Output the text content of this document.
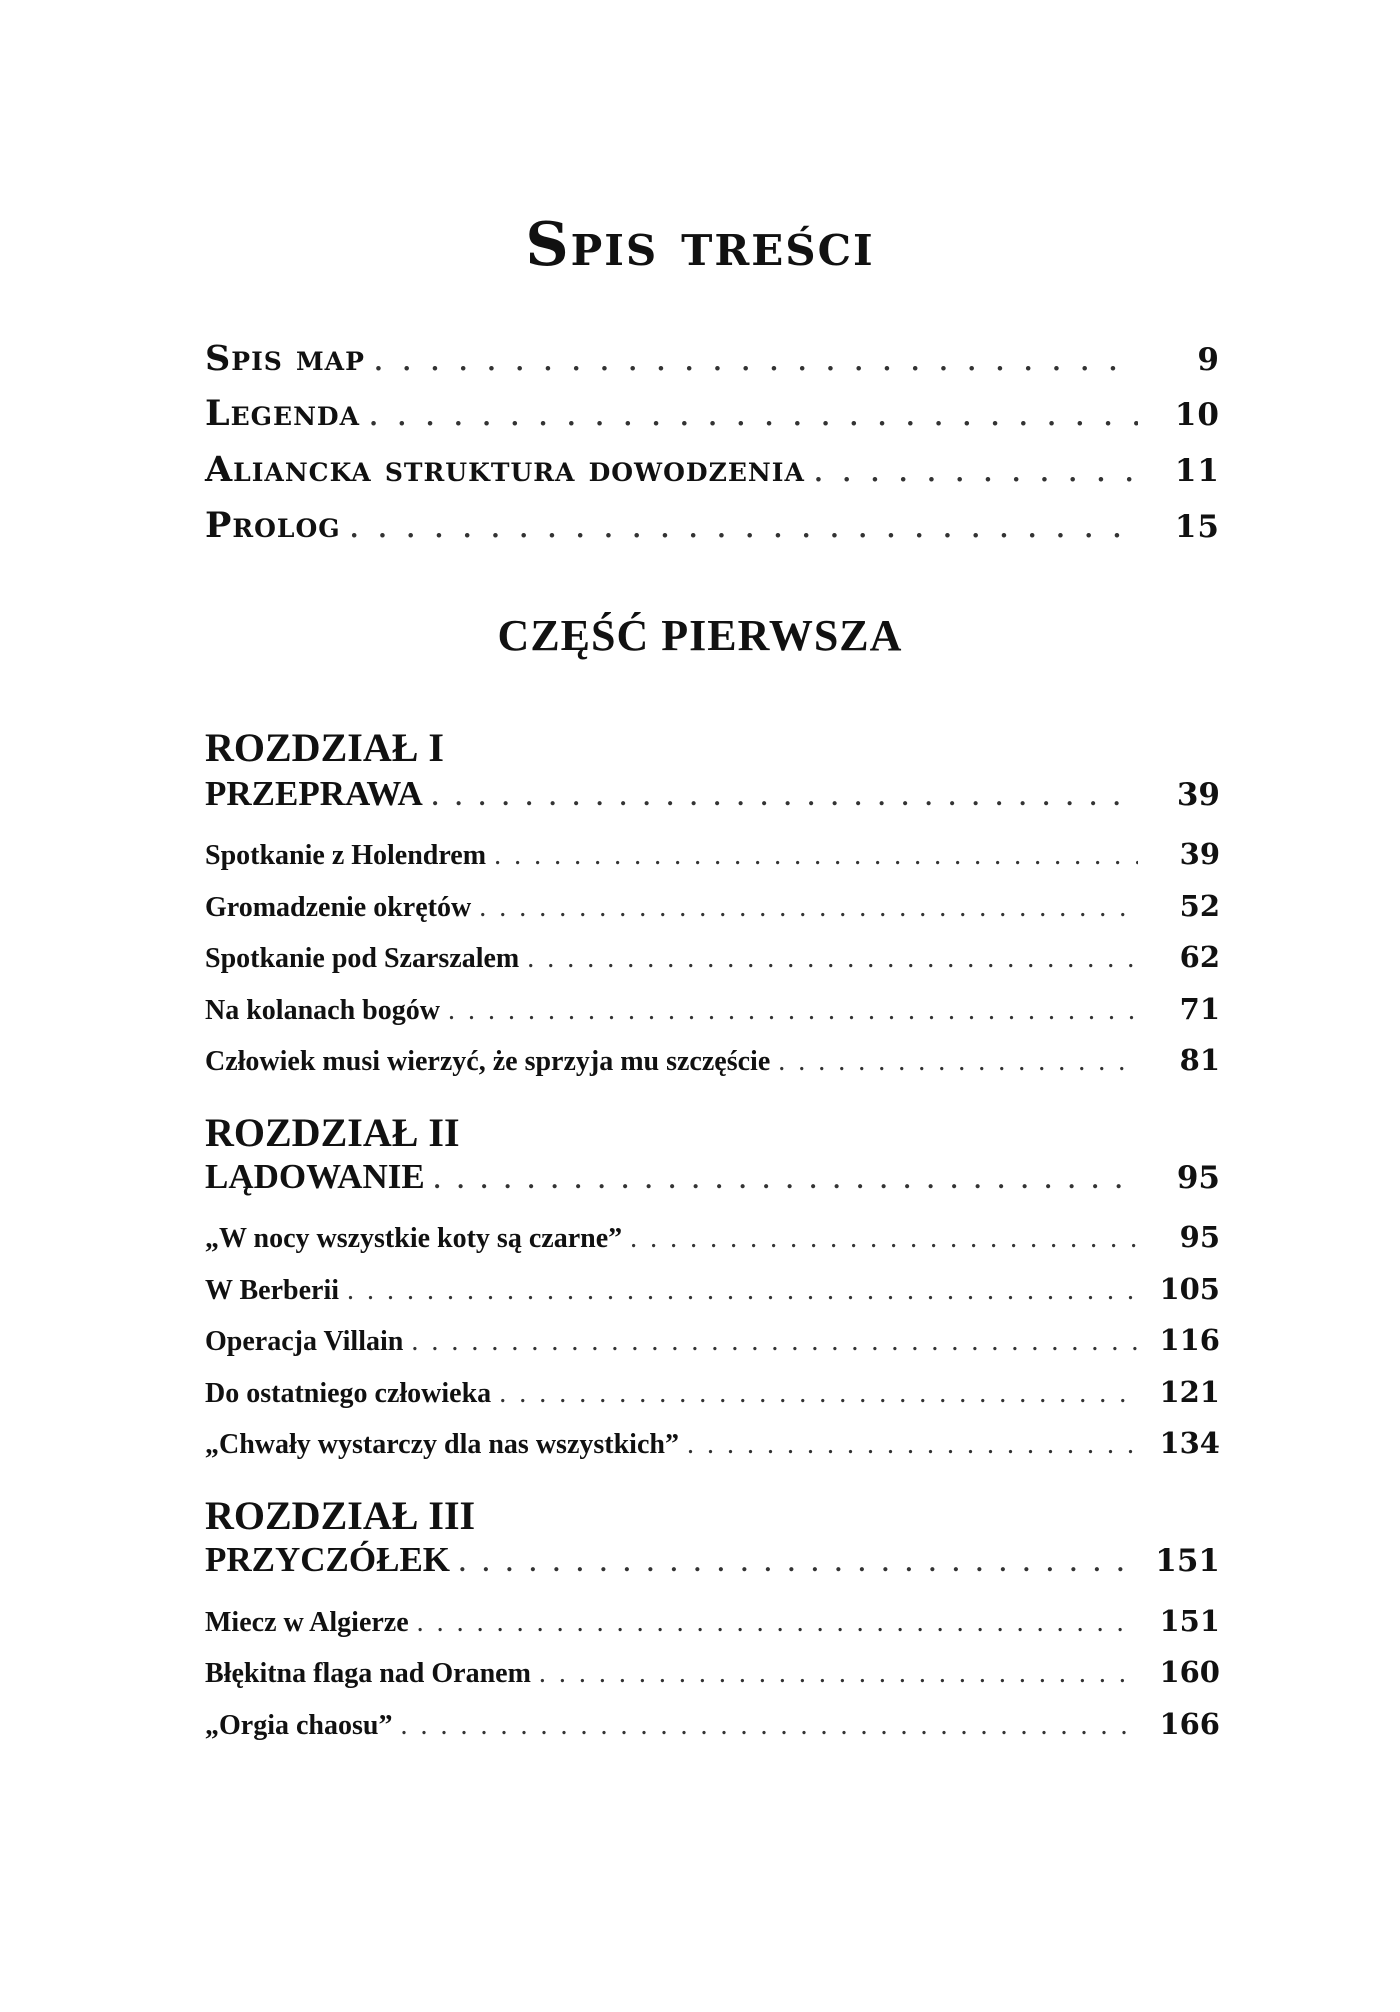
Spis treści
Spis map . . .	9
Legenda . . .	10
Aliancka struktura dowodzenia . . .	11
Prolog . . .	15
CZĘŚĆ PIERWSZA
ROZDZIAŁ I
PRZEPRAWA . . .	39
Spotkanie z Holendrem . . .	39
Gromadzenie okrętów . . .	52
Spotkanie pod Szarszalem . . .	62
Na kolanach bogów . . .	71
Człowiek musi wierzyć, że sprzyja mu szczęście . . .	81
ROZDZIAŁ II
LĄDOWANIE . . .	95
„W nocy wszystkie koty są czarne” . . .	95
W Berberii . . .	105
Operacja Villain . . .	116
Do ostatniego człowieka . . .	121
„Chwały wystarczy dla nas wszystkich” . . .	134
ROZDZIAŁ III
PRZYCZÓŁEK . . .	151
Miecz w Algierze . . .	151
Błękitna flaga nad Oranem . . .	160
„Orgia chaosu” . . .	166
